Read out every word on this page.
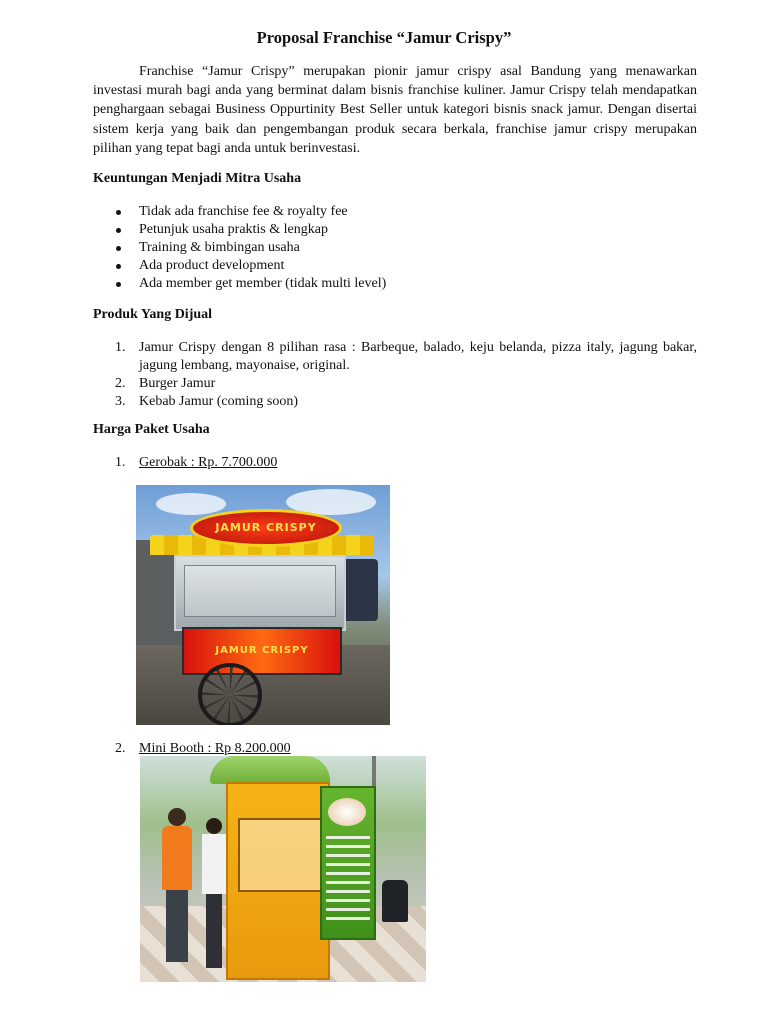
Proposal Franchise “Jamur Crispy”

Franchise “Jamur Crispy” merupakan pionir jamur crispy asal Bandung yang menawarkan investasi murah bagi anda yang berminat dalam bisnis franchise kuliner. Jamur Crispy telah mendapatkan penghargaan sebagai Business Oppurtinity Best Seller untuk kategori bisnis snack jamur. Dengan disertai sistem kerja yang baik dan pengembangan produk secara berkala, franchise jamur crispy merupakan pilihan yang tepat bagi anda untuk berinvestasi.

Keuntungan Menjadi Mitra Usaha
Tidak ada franchise fee & royalty fee
Petunjuk usaha praktis & lengkap
Training & bimbingan usaha
Ada product development
Ada member get member (tidak multi level)
Produk Yang Dijual
1. Jamur Crispy dengan 8 pilihan rasa : Barbeque, balado, keju belanda, pizza italy, jagung bakar, jagung lembang, mayonaise, original.
2. Burger Jamur
3. Kebab Jamur (coming soon)
Harga Paket Usaha
1. Gerobak : Rp. 7.700.000
JAMUR CRISPY
JAMUR CRISPY
2. Mini Booth : Rp 8.200.000
